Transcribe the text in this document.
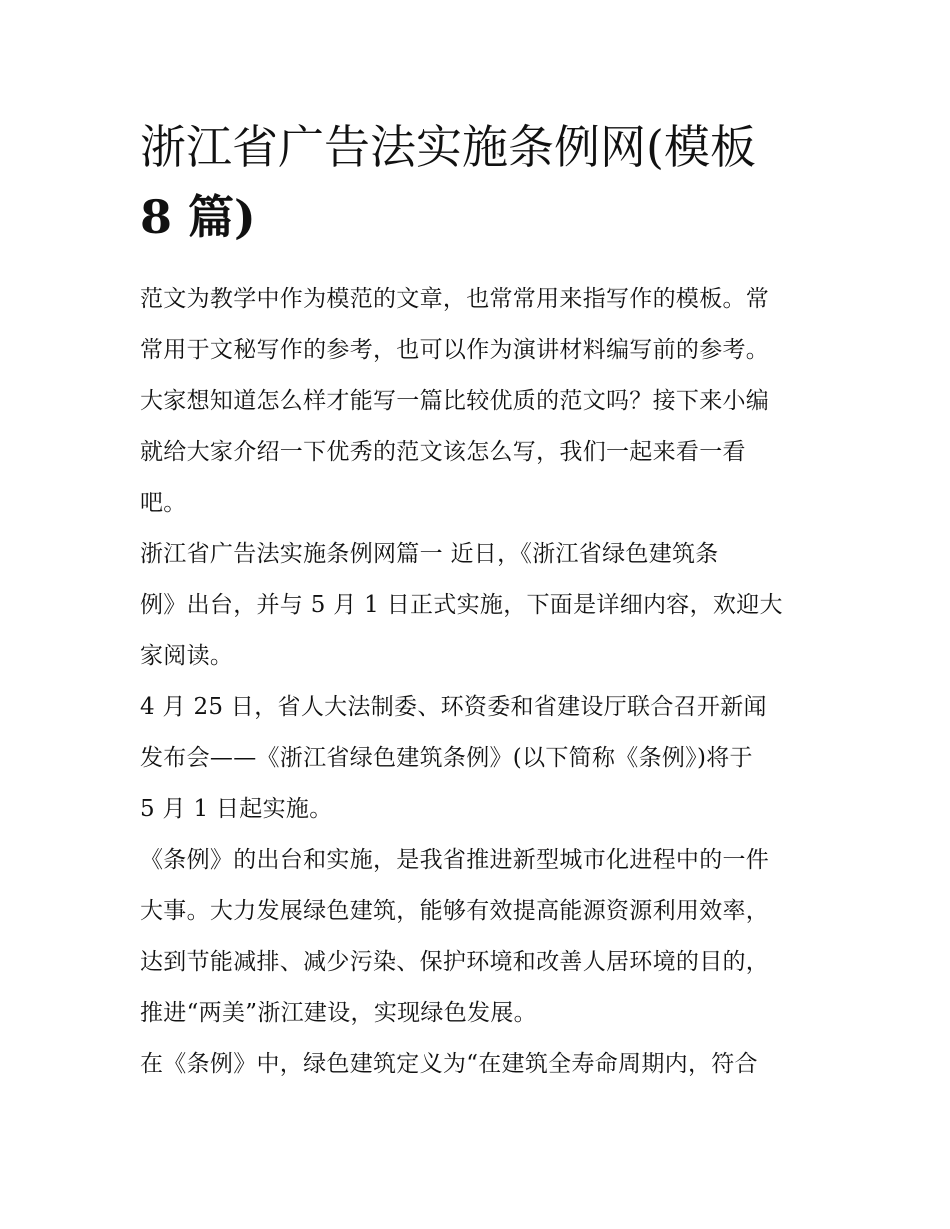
浙江省广告法实施条例网(模板
8 篇)

范文为教学中作为模范的文章，也常常用来指写作的模板。常
常用于文秘写作的参考，也可以作为演讲材料编写前的参考。
大家想知道怎么样才能写一篇比较优质的范文吗？接下来小编
就给大家介绍一下优秀的范文该怎么写，我们一起来看一看
吧。

浙江省广告法实施条例网篇一 近日，《浙江省绿色建筑条
例》出台，并与 5 月 1 日正式实施，下面是详细内容，欢迎大
家阅读。

4 月 25 日，省人大法制委、环资委和省建设厅联合召开新闻
发布会——《浙江省绿色建筑条例》(以下简称《条例》)将于
5 月 1 日起实施。

《条例》的出台和实施，是我省推进新型城市化进程中的一件
大事。大力发展绿色建筑，能够有效提高能源资源利用效率，
达到节能减排、减少污染、保护环境和改善人居环境的目的，
推进“两美”浙江建设，实现绿色发展。

在《条例》中，绿色建筑定义为“在建筑全寿命周期内，符合
